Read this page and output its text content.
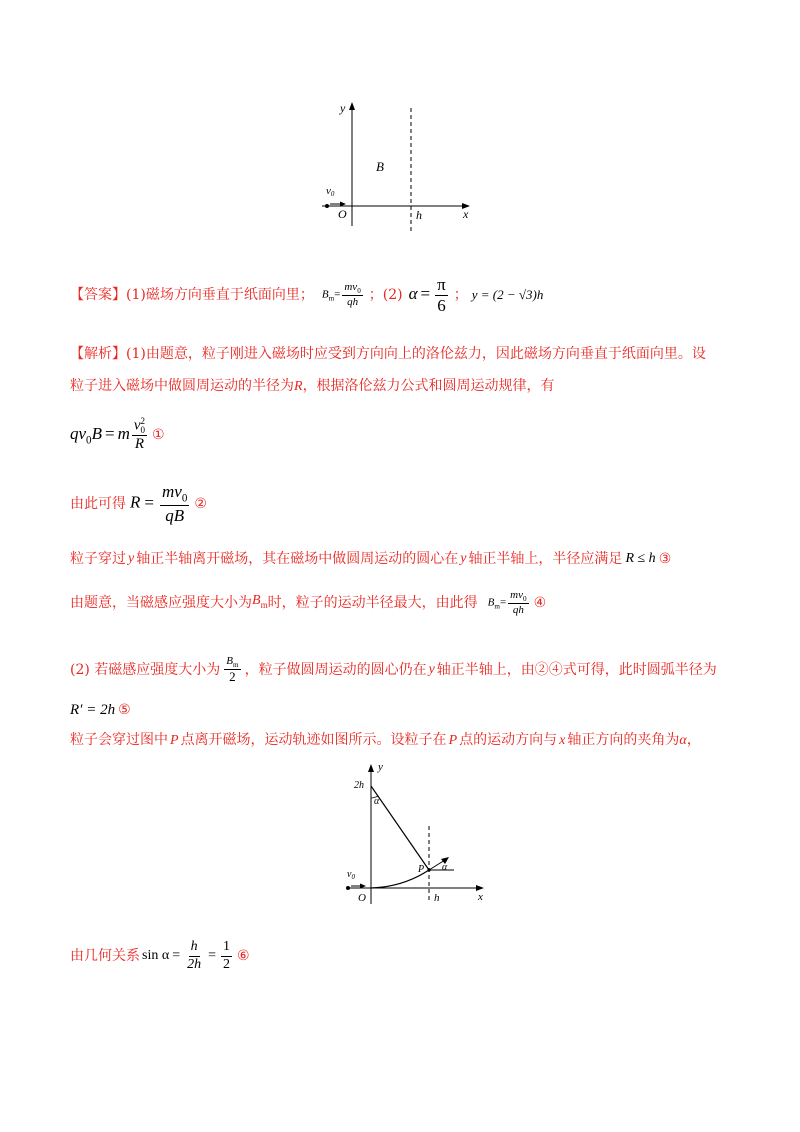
y
x
B
v0
O	h
【答案】(1)磁场方向垂直于纸面向里； $B_m= \frac{mv_0}{qh}$ ；(2) $\alpha = \frac{\pi}{6}$ ； y = (2 − √3)h
【解析】(1)由题意，粒子刚进入磁场时应受到方向向上的洛伦兹力，因此磁场方向垂直于纸面向里。设
粒子进入磁场中做圆周运动的半径为R，根据洛伦兹力公式和圆周运动规律，有
$qv_0B = m$ v 2
0
R ①
由此可得 $R = \frac{mv_0}{qB}$ ②
粒子穿过 y 轴正半轴离开磁场，其在磁场中做圆周运动的圆心在 y 轴正半轴上，半径应满足 R ≤ h ③
由题意，当磁感应强度大小为 $B_m$ 时，粒子的运动半径最大，由此得 $B_m= \frac{mv_0}{qh}$ ④
(2) 若磁感应强度大小为 $\frac{B_m}{2}$ ，粒子做圆周运动的圆心仍在 y 轴正半轴上，由②④式可得，此时圆弧半径为
R′ = 2h ⑤
粒子会穿过图中 P 点离开磁场，运动轨迹如图所示。设粒子在 P 点的运动方向与 x 轴正方向的夹角为α，
y
x
2h
α
P α
$v_0$
O	h
由几何关系 $\sin \alpha = \frac{h}{2h} = \frac{1}{2}$ ⑥
